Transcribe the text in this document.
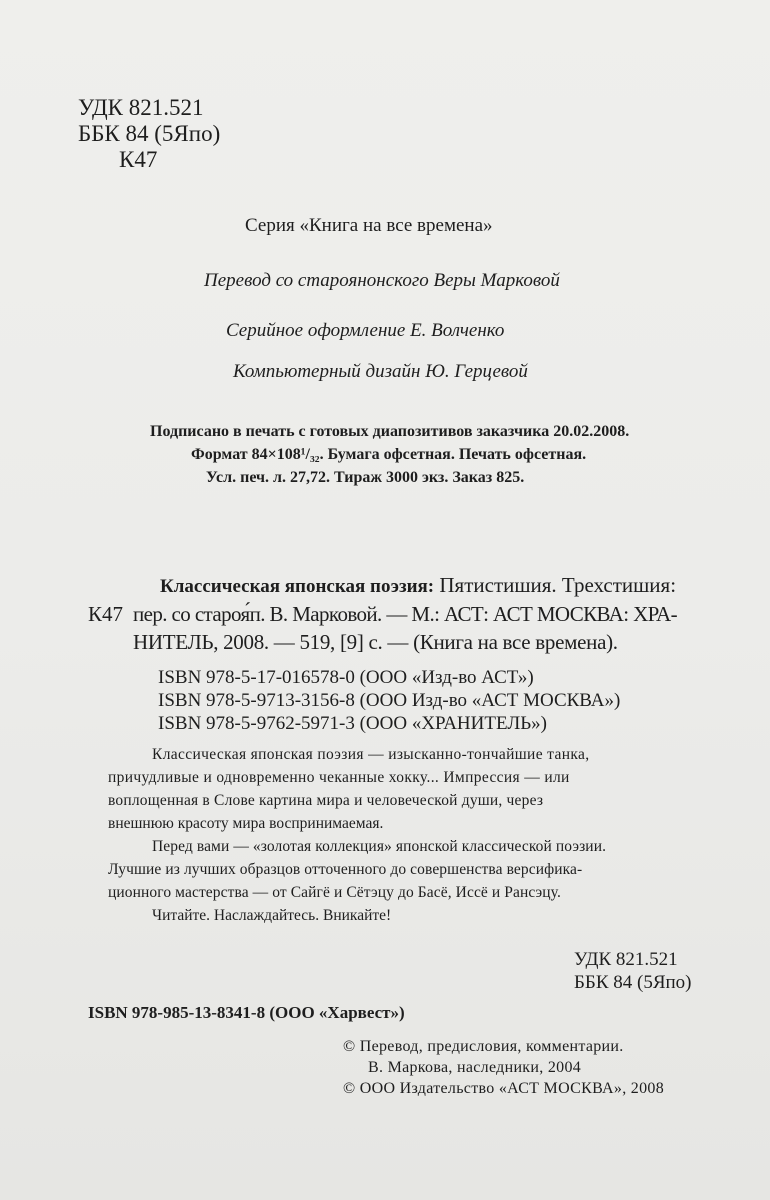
УДК 821.521
ББК 84 (5Япо)
К47
Серия «Книга на все времена»
Перевод со староянонского Веры Марковой
Серийное оформление Е. Волченко
Компьютерный дизайн Ю. Герцевой
Подписано в печать с готовых диапозитивов заказчика 20.02.2008.
Формат 84×108¹/₃₂. Бумага офсетная. Печать офсетная.
Усл. печ. л. 27,72. Тираж 3000 экз. Заказ 825.
Классическая японская поэзия: Пятистишия. Трехстишия:
К47 пер. со староя́п. В. Марковой. — М.: АСТ: АСТ МОСКВА: ХРА-
НИТЕЛЬ, 2008. — 519, [9] с. — (Книга на все времена).
ISBN 978-5-17-016578-0 (ООО «Изд-во АСТ»)
ISBN 978-5-9713-3156-8 (ООО Изд-во «АСТ МОСКВА»)
ISBN 978-5-9762-5971-3 (ООО «ХРАНИТЕЛЬ»)
Классическая японская поэзия — изысканно-тончайшие танка,
причудливые и одновременно чеканные хокку... Импрессия — или
воплощенная в Слове картина мира и человеческой души, через
внешнюю красоту мира воспринимаемая.
Перед вами — «золотая коллекция» японской классической поэзии.
Лучшие из лучших образцов отточенного до совершенства версифика-
ционного мастерства — от Сайгё и Сётэцу до Басё, Иссё и Рансэцу.
Читайте. Наслаждайтесь. Вникайте!
УДК 821.521
ББК 84 (5Япо)
ISBN 978-985-13-8341-8 (ООО «Харвест»)
© Перевод, предисловия, комментарии.
В. Маркова, наследники, 2004
© ООО Издательство «АСТ МОСКВА», 2008
